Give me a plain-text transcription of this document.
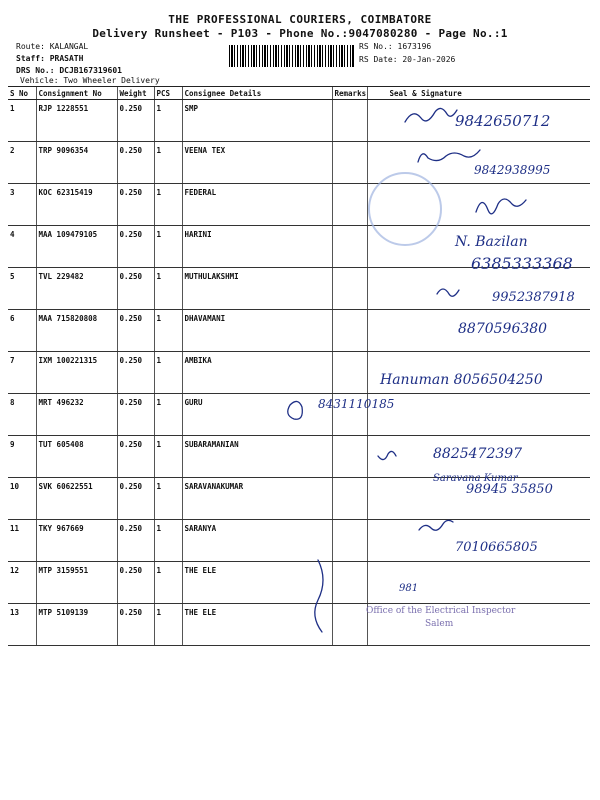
THE PROFESSIONAL COURIERS, COIMBATORE
Delivery Runsheet - P103 - Phone No.:9047080280 - Page No.:1
Route: KALANGAL
Staff: PRASATH
DRS No.: DCJB167319601
Vehicle: Two Wheeler Delivery
RS No.: 1673196
RS Date: 20-Jan-2026
S No	Consignment No	Weight	PCS	Consignee Details	Remarks	Seal & Signature
1	RJP 1228551	0.250	1	SMP		
2	TRP 9096354	0.250	1	VEENA TEX		
3	KOC 62315419	0.250	1	FEDERAL		
4	MAA 109479105	0.250	1	HARINI		
5	TVL 229482	0.250	1	MUTHULAKSHMI		
6	MAA 715820808	0.250	1	DHAVAMANI		
7	IXM 100221315	0.250	1	AMBIKA		
8	MRT 496232	0.250	1	GURU		
9	TUT 605408	0.250	1	SUBARAMANIAN		
10	SVK 60622551	0.250	1	SARAVANAKUMAR		
11	TKY 967669	0.250	1	SARANYA		
12	MTP 3159551	0.250	1	THE ELE		
13	MTP 5109139	0.250	1	THE ELE		
9842650712
9842938995
N. Bazilan
6385333368
9952387918
8870596380
Hanuman 8056504250
8431110185
8825472397
Saravana Kumar
98945 35850
7010665805
981
Office of the Electrical Inspector
Salem
